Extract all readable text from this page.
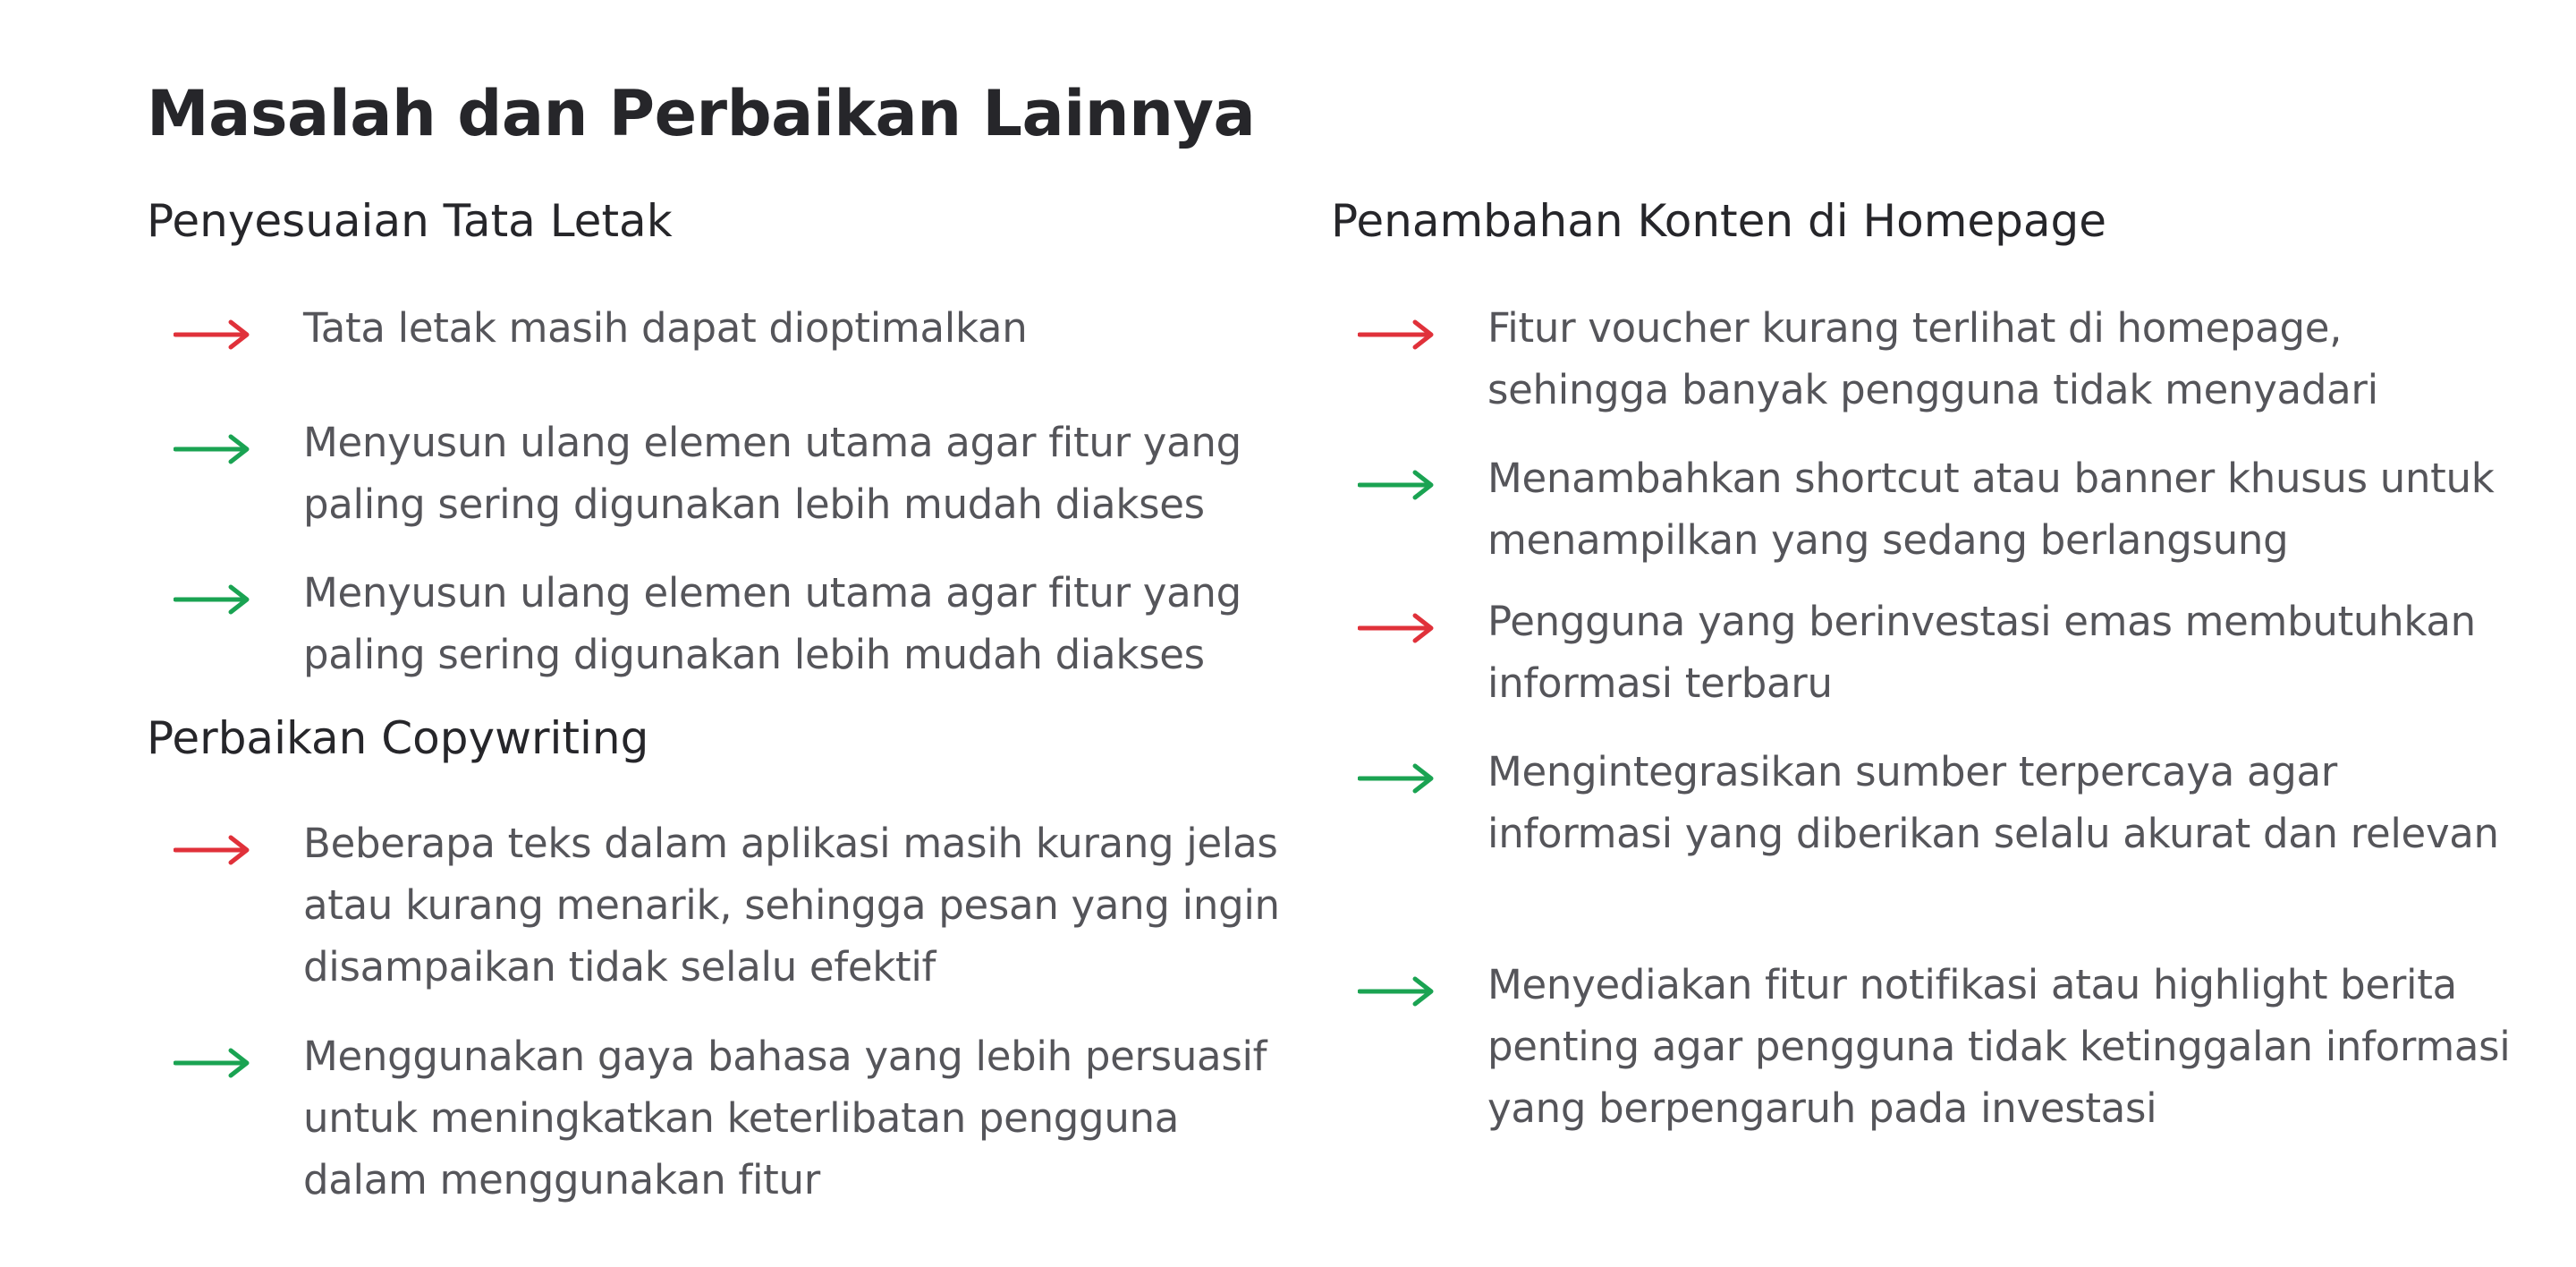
Masalah dan Perbaikan Lainnya
Penyesuaian Tata Letak

Tata letak masih dapat dioptimalkan

Menyusun ulang elemen utama agar fitur yang paling sering digunakan lebih mudah diakses

Menyusun ulang elemen utama agar fitur yang paling sering digunakan lebih mudah diakses

Perbaikan Copywriting

Beberapa teks dalam aplikasi masih kurang jelas atau kurang menarik, sehingga pesan yang ingin disampaikan tidak selalu efektif

Menggunakan gaya bahasa yang lebih persuasif untuk meningkatkan keterlibatan pengguna dalam menggunakan fitur

Penambahan Konten di Homepage

Fitur voucher kurang terlihat di homepage, sehingga banyak pengguna tidak menyadari

Menambahkan shortcut atau banner khusus untuk menampilkan yang sedang berlangsung

Pengguna yang berinvestasi emas membutuhkan informasi terbaru

Mengintegrasikan sumber terpercaya agar informasi yang diberikan selalu akurat dan relevan

Menyediakan fitur notifikasi atau highlight berita penting agar pengguna tidak ketinggalan informasi yang berpengaruh pada investasi
